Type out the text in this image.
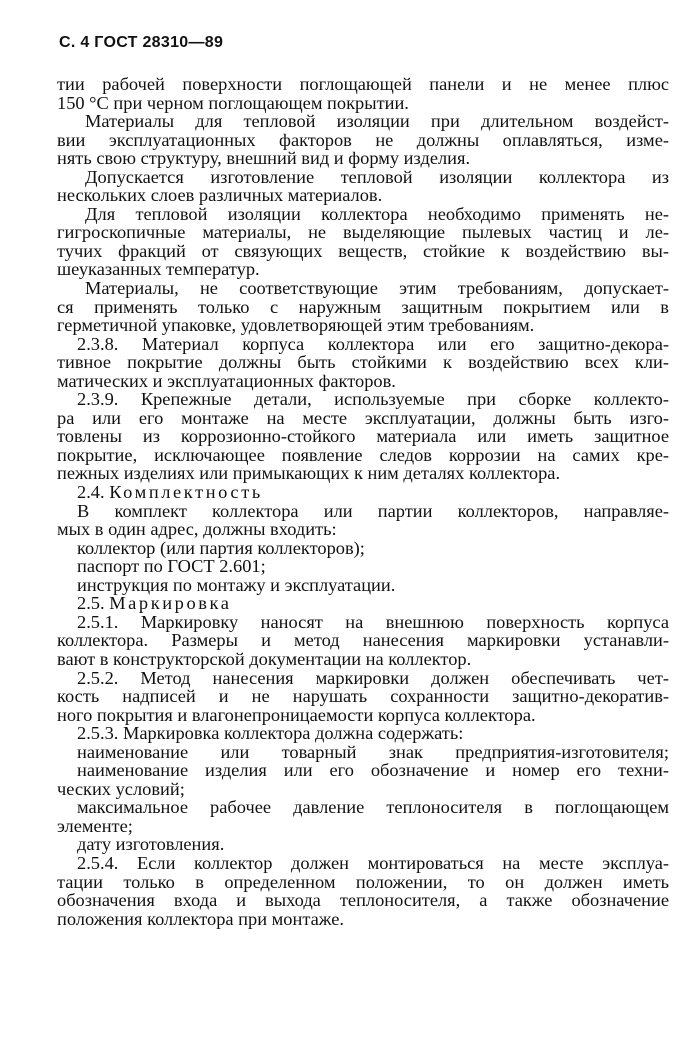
С. 4 ГОСТ 28310—89
тии рабочей поверхности поглощающей панели и не менее плюс
150 °С при черном поглощающем покрытии.
Материалы для тепловой изоляции при длительном воздейст-
вии эксплуатационных факторов не должны оплавляться, изме-
нять свою структуру, внешний вид и форму изделия.
Допускается изготовление тепловой изоляции коллектора из
нескольких слоев различных материалов.
Для тепловой изоляции коллектора необходимо применять не-
гигроскопичные материалы, не выделяющие пылевых частиц и ле-
тучих фракций от связующих веществ, стойкие к воздействию вы-
шеуказанных температур.
Материалы, не соответствующие этим требованиям, допускает-
ся применять только с наружным защитным покрытием или в
герметичной упаковке, удовлетворяющей этим требованиям.
2.3.8. Материал корпуса коллектора или его защитно-декора-
тивное покрытие должны быть стойкими к воздействию всех кли-
матических и эксплуатационных факторов.
2.3.9. Крепежные детали, используемые при сборке коллекто-
ра или его монтаже на месте эксплуатации, должны быть изго-
товлены из коррозионно-стойкого материала или иметь защитное
покрытие, исключающее появление следов коррозии на самих кре-
пежных изделиях или примыкающих к ним деталях коллектора.
2.4. Комплектность
В комплект коллектора или партии коллекторов, направляе-
мых в один адрес, должны входить:
коллектор (или партия коллекторов);
паспорт по ГОСТ 2.601;
инструкция по монтажу и эксплуатации.
2.5. Маркировка
2.5.1. Маркировку наносят на внешнюю поверхность корпуса
коллектора. Размеры и метод нанесения маркировки устанавли-
вают в конструкторской документации на коллектор.
2.5.2. Метод нанесения маркировки должен обеспечивать чет-
кость надписей и не нарушать сохранности защитно-декоратив-
ного покрытия и влагонепроницаемости корпуса коллектора.
2.5.3. Маркировка коллектора должна содержать:
наименование или товарный знак предприятия-изготовителя;
наименование изделия или его обозначение и номер его техни-
ческих условий;
максимальное рабочее давление теплоносителя в поглощающем
элементе;
дату изготовления.
2.5.4. Если коллектор должен монтироваться на месте эксплуа-
тации только в определенном положении, то он должен иметь
обозначения входа и выхода теплоносителя, а также обозначение
положения коллектора при монтаже.
